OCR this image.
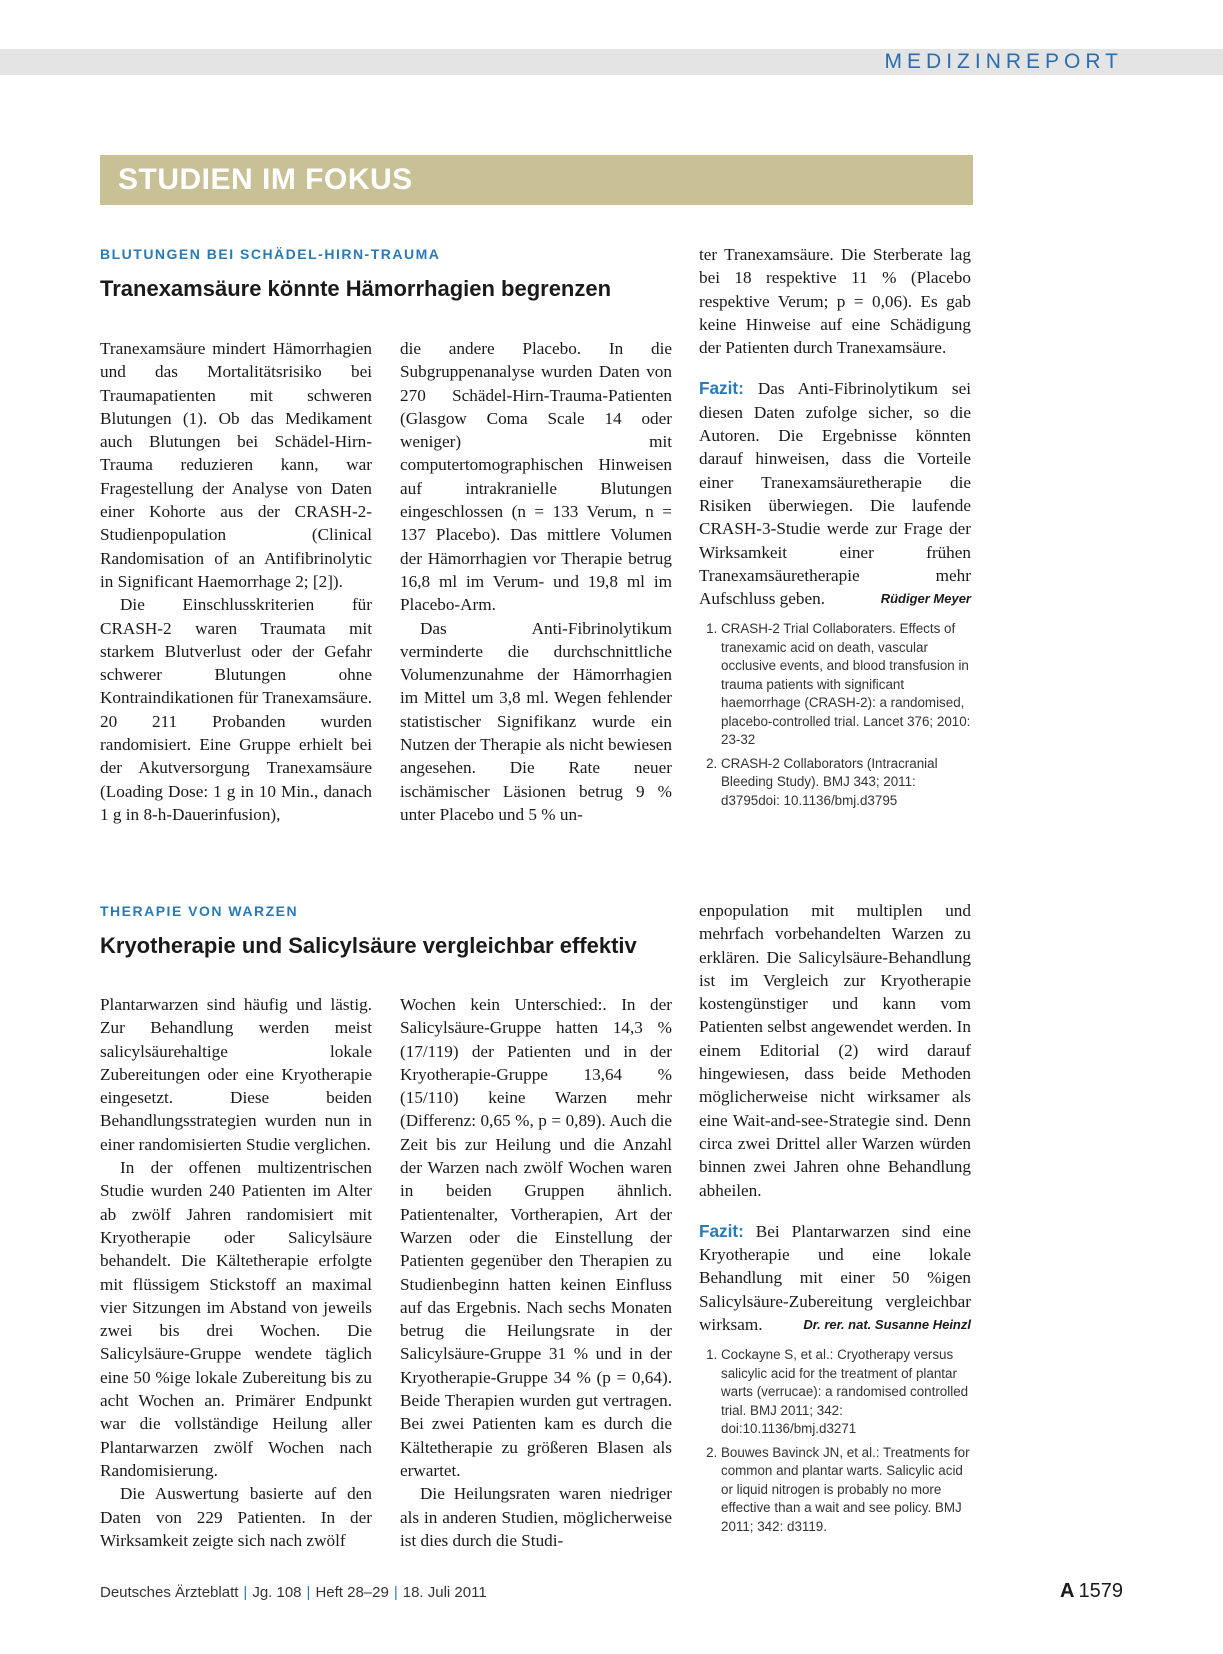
MEDIZINREPORT
STUDIEN IM FOKUS
BLUTUNGEN BEI SCHÄDEL-HIRN-TRAUMA
Tranexamsäure könnte Hämorrhagien begrenzen

Tranexamsäure mindert Hämorrhagien und das Mortalitätsrisiko bei Traumapatienten mit schweren Blutungen (1). Ob das Medikament auch Blutungen bei Schädel-Hirn-Trauma reduzieren kann, war Fragestellung der Analyse von Daten einer Kohorte aus der CRASH-2-Studienpopulation (Clinical Randomisation of an Antifibrinolytic in Significant Haemorrhage 2; [2]).

Die Einschlusskriterien für CRASH-2 waren Traumata mit starkem Blutverlust oder der Gefahr schwerer Blutungen ohne Kontraindikationen für Tranexamsäure. 20 211 Probanden wurden randomisiert. Eine Gruppe erhielt bei der Akutversorgung Tranexamsäure (Loading Dose: 1 g in 10 Min., danach 1 g in 8-h-Dauerinfusion),

die andere Placebo. In die Subgruppenanalyse wurden Daten von 270 Schädel-Hirn-Trauma-Patienten (Glasgow Coma Scale 14 oder weniger) mit computertomographischen Hinweisen auf intrakranielle Blutungen eingeschlossen (n = 133 Verum, n = 137 Placebo). Das mittlere Volumen der Hämorrhagien vor Therapie betrug 16,8 ml im Verum- und 19,8 ml im Placebo-Arm.

Das Anti-Fibrinolytikum verminderte die durchschnittliche Volumenzunahme der Hämorrhagien im Mittel um 3,8 ml. Wegen fehlender statistischer Signifikanz wurde ein Nutzen der Therapie als nicht bewiesen angesehen. Die Rate neuer ischämischer Läsionen betrug 9 % unter Placebo und 5 % un-

ter Tranexamsäure. Die Sterberate lag bei 18 respektive 11 % (Placebo respektive Verum; p = 0,06). Es gab keine Hinweise auf eine Schädigung der Patienten durch Tranexamsäure.

Fazit: Das Anti-Fibrinolytikum sei diesen Daten zufolge sicher, so die Autoren. Die Ergebnisse könnten darauf hinweisen, dass die Vorteile einer Tranexamsäuretherapie die Risiken überwiegen. Die laufende CRASH-3-Studie werde zur Frage der Wirksamkeit einer frühen Tranexamsäuretherapie mehr Aufschluss geben.	Rüdiger Meyer

1. CRASH-2 Trial Collaboraters. Effects of tranexamic acid on death, vascular occlusive events, and blood transfusion in trauma patients with significant haemorrhage (CRASH-2): a randomised, placebo-controlled trial. Lancet 376; 2010: 23-32
2. CRASH-2 Collaborators (Intracranial Bleeding Study). BMJ 343; 2011: d3795doi: 10.1136/bmj.d3795
THERAPIE VON WARZEN
Kryotherapie und Salicylsäure vergleichbar effektiv

Plantarwarzen sind häufig und lästig. Zur Behandlung werden meist salicylsäurehaltige lokale Zubereitungen oder eine Kryotherapie eingesetzt. Diese beiden Behandlungsstrategien wurden nun in einer randomisierten Studie verglichen.

In der offenen multizentrischen Studie wurden 240 Patienten im Alter ab zwölf Jahren randomisiert mit Kryotherapie oder Salicylsäure behandelt. Die Kältetherapie erfolgte mit flüssigem Stickstoff an maximal vier Sitzungen im Abstand von jeweils zwei bis drei Wochen. Die Salicylsäure-Gruppe wendete täglich eine 50 %ige lokale Zubereitung bis zu acht Wochen an. Primärer Endpunkt war die vollständige Heilung aller Plantarwarzen zwölf Wochen nach Randomisierung.

Die Auswertung basierte auf den Daten von 229 Patienten. In der Wirksamkeit zeigte sich nach zwölf

Wochen kein Unterschied:. In der Salicylsäure-Gruppe hatten 14,3 % (17/119) der Patienten und in der Kryotherapie-Gruppe 13,64 % (15/110) keine Warzen mehr (Differenz: 0,65 %, p = 0,89). Auch die Zeit bis zur Heilung und die Anzahl der Warzen nach zwölf Wochen waren in beiden Gruppen ähnlich. Patientenalter, Vortherapien, Art der Warzen oder die Einstellung der Patienten gegenüber den Therapien zu Studienbeginn hatten keinen Einfluss auf das Ergebnis. Nach sechs Monaten betrug die Heilungsrate in der Salicylsäure-Gruppe 31 % und in der Kryotherapie-Gruppe 34 % (p = 0,64). Beide Therapien wurden gut vertragen. Bei zwei Patienten kam es durch die Kältetherapie zu größeren Blasen als erwartet.

Die Heilungsraten waren niedriger als in anderen Studien, möglicherweise ist dies durch die Studi-

enpopulation mit multiplen und mehrfach vorbehandelten Warzen zu erklären. Die Salicylsäure-Behandlung ist im Vergleich zur Kryotherapie kostengünstiger und kann vom Patienten selbst angewendet werden. In einem Editorial (2) wird darauf hingewiesen, dass beide Methoden möglicherweise nicht wirksamer als eine Wait-and-see-Strategie sind. Denn circa zwei Drittel aller Warzen würden binnen zwei Jahren ohne Behandlung abheilen.

Fazit: Bei Plantarwarzen sind eine Kryotherapie und eine lokale Behandlung mit einer 50 %igen Salicylsäure-Zubereitung vergleichbar wirksam.	Dr. rer. nat. Susanne Heinzl

1. Cockayne S, et al.: Cryotherapy versus salicylic acid for the treatment of plantar warts (verrucae): a randomised controlled trial. BMJ 2011; 342: doi:10.1136/bmj.d3271
2. Bouwes Bavinck JN, et al.: Treatments for common and plantar warts. Salicylic acid or liquid nitrogen is probably no more effective than a wait and see policy. BMJ 2011; 342: d3119.
Deutsches Ärzteblatt | Jg. 108 | Heft 28–29 | 18. Juli 2011	A 1579
